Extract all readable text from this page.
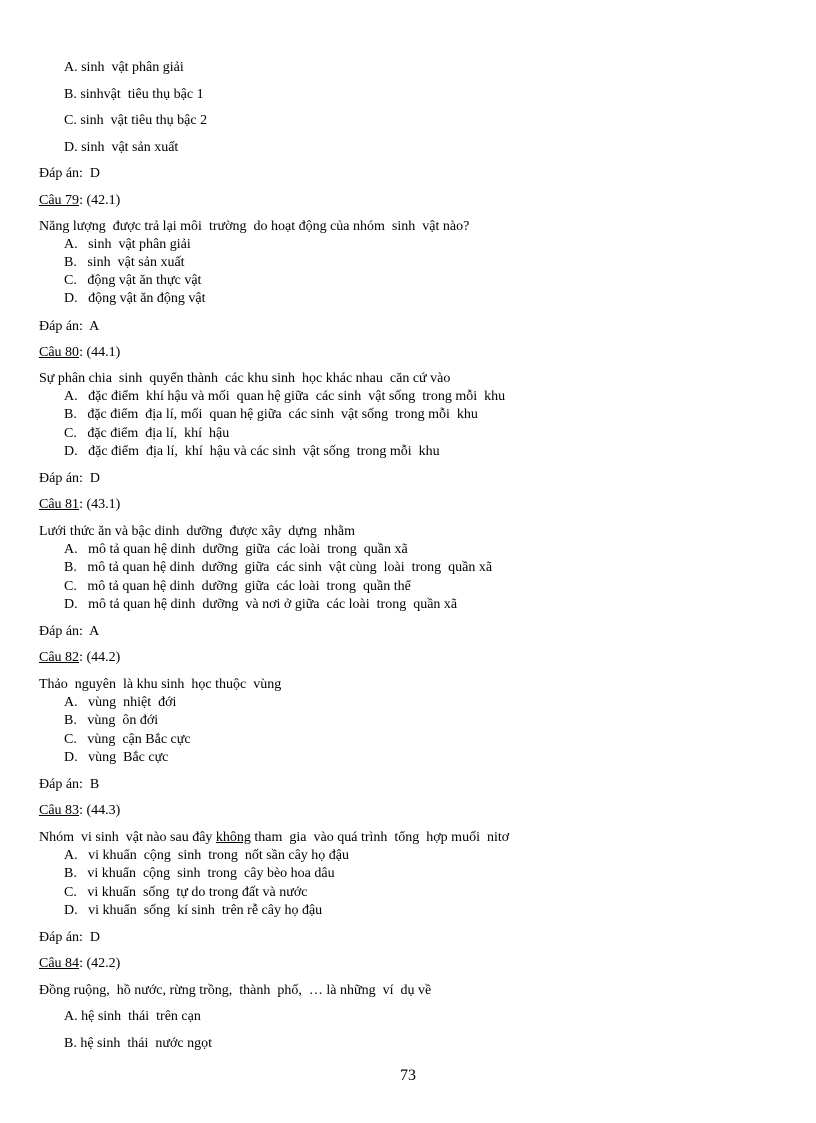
A. sinh  vật phân giải
B. sinhvật  tiêu thụ bậc 1
C. sinh  vật tiêu thụ bậc 2
D. sinh  vật sản xuất
Đáp án:  D
Câu 79: (42.1)
Năng lượng  được trả lại môi  trường  do hoạt động của nhóm  sinh  vật nào?
A.   sinh  vật phân giải
B.   sinh  vật sản xuất
C.   động vật ăn thực vật
D.   động vật ăn động vật
Đáp án:  A
Câu 80: (44.1)
Sự phân chia  sinh  quyển thành  các khu sinh  học khác nhau  căn cứ vào
A.   đặc điểm  khí hậu và mối  quan hệ giữa  các sinh  vật sống  trong mỗi  khu
B.   đặc điểm  địa lí, mối  quan hệ giữa  các sinh  vật sống  trong mỗi  khu
C.   đặc điểm  địa lí,  khí  hậu
D.   đặc điểm  địa lí,  khí  hậu và các sinh  vật sống  trong mỗi  khu
Đáp án:  D
Câu 81: (43.1)
Lưới thức ăn và bậc dinh  dưỡng  được xây  dựng  nhằm
A.   mô tả quan hệ dinh  dưỡng  giữa  các loài  trong  quần xã
B.   mô tả quan hệ dinh  dưỡng  giữa  các sinh  vật cùng  loài  trong  quần xã
C.   mô tả quan hệ dinh  dưỡng  giữa  các loài  trong  quần thể
D.   mô tả quan hệ dinh  dưỡng  và nơi ở giữa  các loài  trong  quần xã
Đáp án:  A
Câu 82: (44.2)
Thảo  nguyên  là khu sinh  học thuộc  vùng
A.   vùng  nhiệt  đới
B.   vùng  ôn đới
C.   vùng  cận Bắc cực
D.   vùng  Bắc cực
Đáp án:  B
Câu 83: (44.3)
Nhóm  vi sinh  vật nào sau đây không tham  gia  vào quá trình  tổng  hợp muối  nitơ
A.   vi khuẩn  cộng  sinh  trong  nốt sần cây họ đậu
B.   vi khuẩn  cộng  sinh  trong  cây bèo hoa dâu
C.   vi khuẩn  sống  tự do trong đất và nước
D.   vi khuẩn  sống  kí sinh  trên rễ cây họ đậu
Đáp án:  D
Câu 84: (42.2)
Đồng ruộng,  hồ nước, rừng trồng,  thành  phố,  … là những  ví  dụ về
A. hệ sinh  thái  trên cạn
B. hệ sinh  thái  nước ngọt
73
